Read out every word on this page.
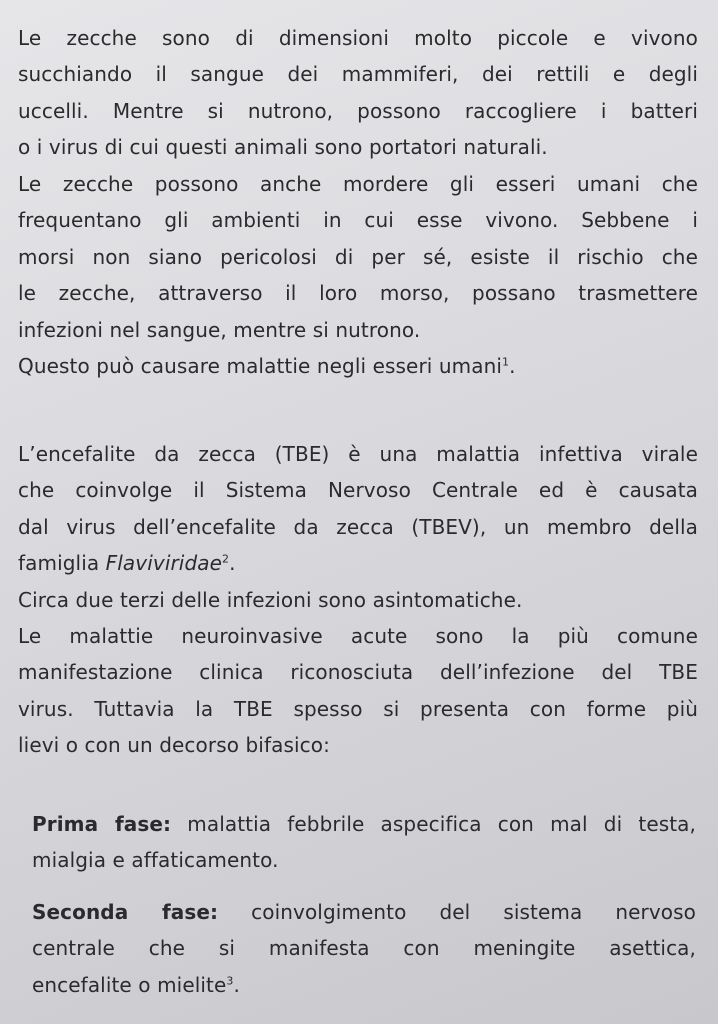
Le zecche sono di dimensioni molto piccole e vivono
succhiando il sangue dei mammiferi, dei rettili e degli
uccelli. Mentre si nutrono, possono raccogliere i batteri
o i virus di cui questi animali sono portatori naturali.
Le zecche possono anche mordere gli esseri umani che
frequentano gli ambienti in cui esse vivono. Sebbene i
morsi non siano pericolosi di per sé, esiste il rischio che
le zecche, attraverso il loro morso, possano trasmettere
infezioni nel sangue, mentre si nutrono.
Questo può causare malattie negli esseri umani$^1$.
L’encefalite da zecca (TBE) è una malattia infettiva virale
che coinvolge il Sistema Nervoso Centrale ed è causata
dal virus dell’encefalite da zecca (TBEV), un membro della
famiglia Flaviviridae$^2$.
Circa due terzi delle infezioni sono asintomatiche.
Le malattie neuroinvasive acute sono la più comune
manifestazione clinica riconosciuta dell’infezione del TBE
virus. Tuttavia la TBE spesso si presenta con forme più
lievi o con un decorso bifasico:
Prima fase: malattia febbrile aspecifica con mal di testa,
mialgia e affaticamento.
Seconda fase: coinvolgimento del sistema nervoso
centrale che si manifesta con meningite asettica,
encefalite o mielite$^3$.
